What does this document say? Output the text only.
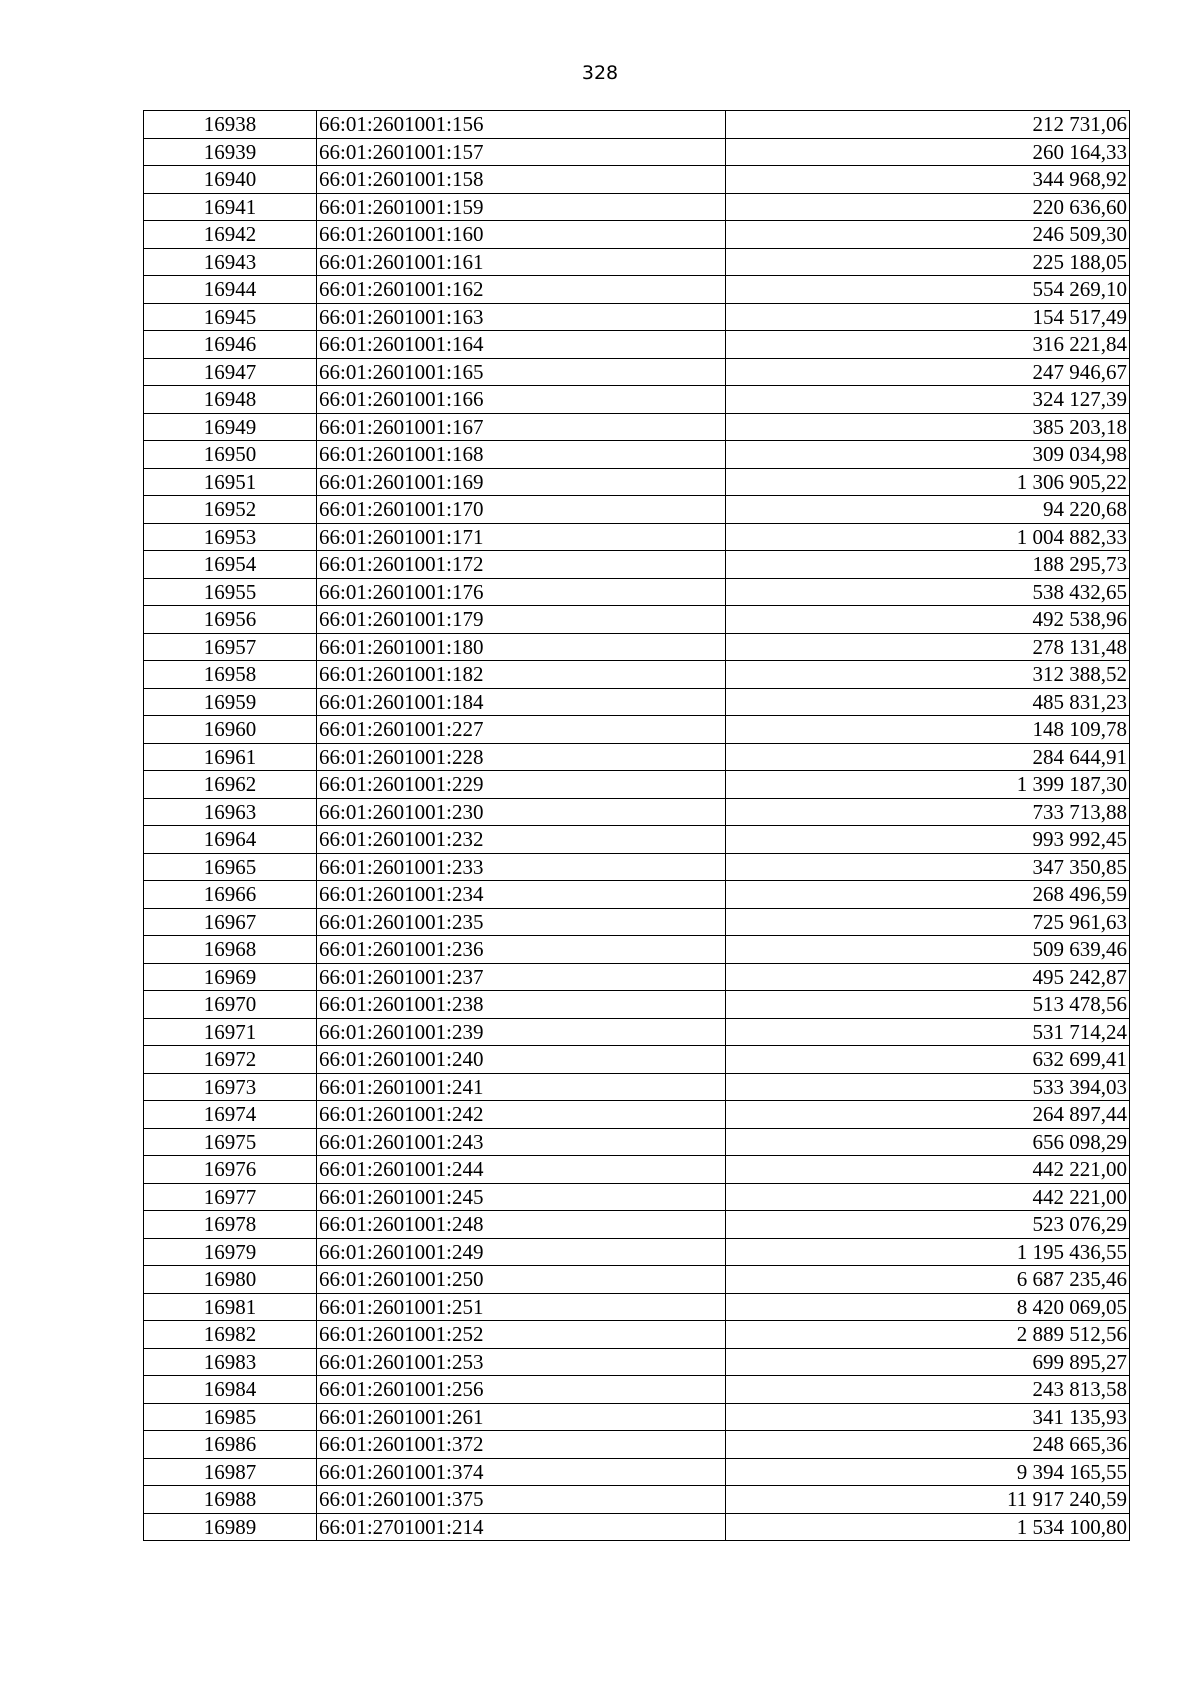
328
16938	66:01:2601001:156	212 731,06
16939	66:01:2601001:157	260 164,33
16940	66:01:2601001:158	344 968,92
16941	66:01:2601001:159	220 636,60
16942	66:01:2601001:160	246 509,30
16943	66:01:2601001:161	225 188,05
16944	66:01:2601001:162	554 269,10
16945	66:01:2601001:163	154 517,49
16946	66:01:2601001:164	316 221,84
16947	66:01:2601001:165	247 946,67
16948	66:01:2601001:166	324 127,39
16949	66:01:2601001:167	385 203,18
16950	66:01:2601001:168	309 034,98
16951	66:01:2601001:169	1 306 905,22
16952	66:01:2601001:170	94 220,68
16953	66:01:2601001:171	1 004 882,33
16954	66:01:2601001:172	188 295,73
16955	66:01:2601001:176	538 432,65
16956	66:01:2601001:179	492 538,96
16957	66:01:2601001:180	278 131,48
16958	66:01:2601001:182	312 388,52
16959	66:01:2601001:184	485 831,23
16960	66:01:2601001:227	148 109,78
16961	66:01:2601001:228	284 644,91
16962	66:01:2601001:229	1 399 187,30
16963	66:01:2601001:230	733 713,88
16964	66:01:2601001:232	993 992,45
16965	66:01:2601001:233	347 350,85
16966	66:01:2601001:234	268 496,59
16967	66:01:2601001:235	725 961,63
16968	66:01:2601001:236	509 639,46
16969	66:01:2601001:237	495 242,87
16970	66:01:2601001:238	513 478,56
16971	66:01:2601001:239	531 714,24
16972	66:01:2601001:240	632 699,41
16973	66:01:2601001:241	533 394,03
16974	66:01:2601001:242	264 897,44
16975	66:01:2601001:243	656 098,29
16976	66:01:2601001:244	442 221,00
16977	66:01:2601001:245	442 221,00
16978	66:01:2601001:248	523 076,29
16979	66:01:2601001:249	1 195 436,55
16980	66:01:2601001:250	6 687 235,46
16981	66:01:2601001:251	8 420 069,05
16982	66:01:2601001:252	2 889 512,56
16983	66:01:2601001:253	699 895,27
16984	66:01:2601001:256	243 813,58
16985	66:01:2601001:261	341 135,93
16986	66:01:2601001:372	248 665,36
16987	66:01:2601001:374	9 394 165,55
16988	66:01:2601001:375	11 917 240,59
16989	66:01:2701001:214	1 534 100,80
